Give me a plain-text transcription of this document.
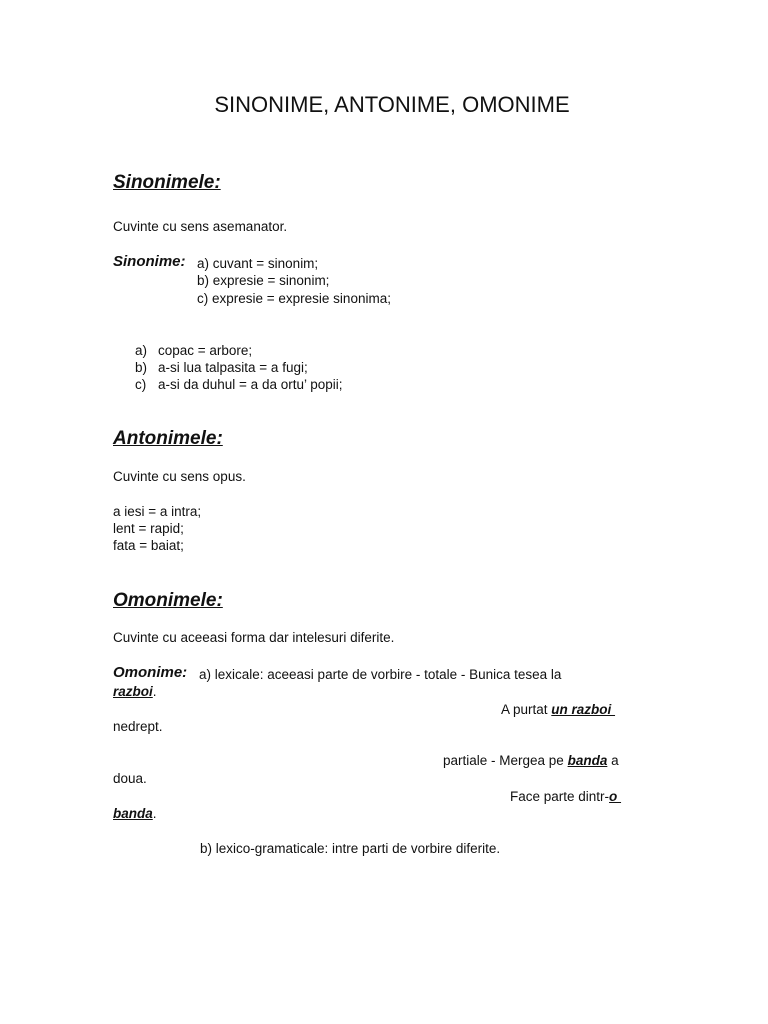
SINONIME, ANTONIME, OMONIME
Sinonimele:
Cuvinte cu sens asemanator.
Sinonime: a) cuvant = sinonim;
b) expresie = sinonim;
c) expresie = expresie sinonima;
a) copac = arbore;
b) a-si lua talpasita = a fugi;
c) a-si da duhul = a da ortu’ popii;
Antonimele:
Cuvinte cu sens opus.
a iesi = a intra;
lent = rapid;
fata = baiat;
Omonimele:
Cuvinte cu aceeasi forma dar intelesuri diferite.
Omonime: a) lexicale: aceeasi parte de vorbire - totale - Bunica tesea la
razboi.
A purtat un razboi
nedrept.
partiale - Mergea pe banda a
doua.
Face parte dintr-o
banda.
b) lexico-gramaticale: intre parti de vorbire diferite.
